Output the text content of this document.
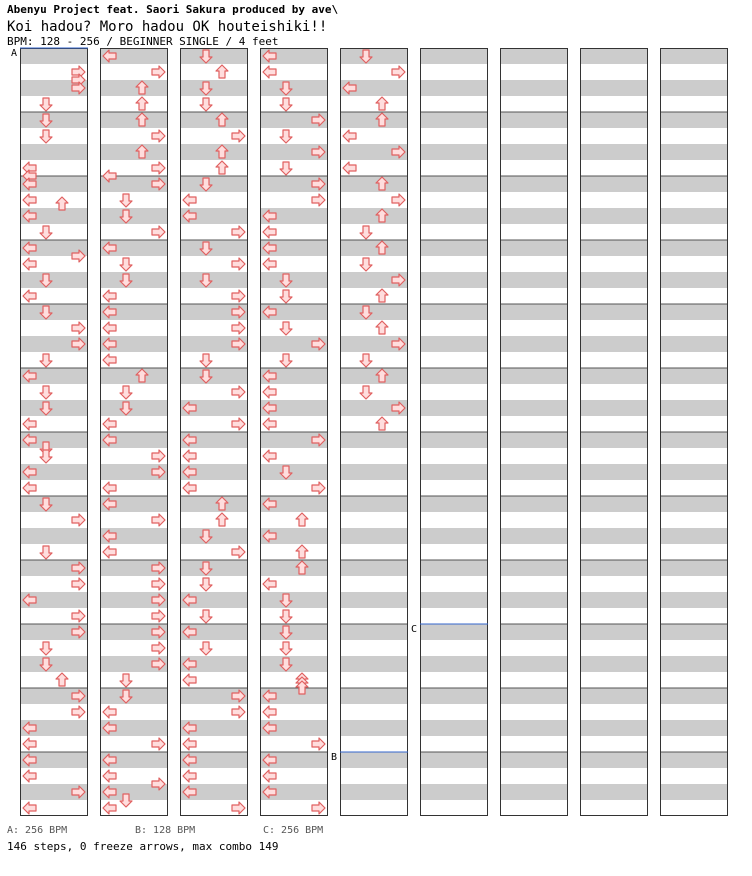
Abenyu Project feat. Saori Sakura produced by ave\
Koi hadou? Moro hadou OK houteishiki!!
BPM: 128 - 256 / BEGINNER SINGLE / 4 feet
A
B
C
A: 256 BPM	B: 128 BPM	C: 256 BPM
146 steps, 0 freeze arrows, max combo 149
